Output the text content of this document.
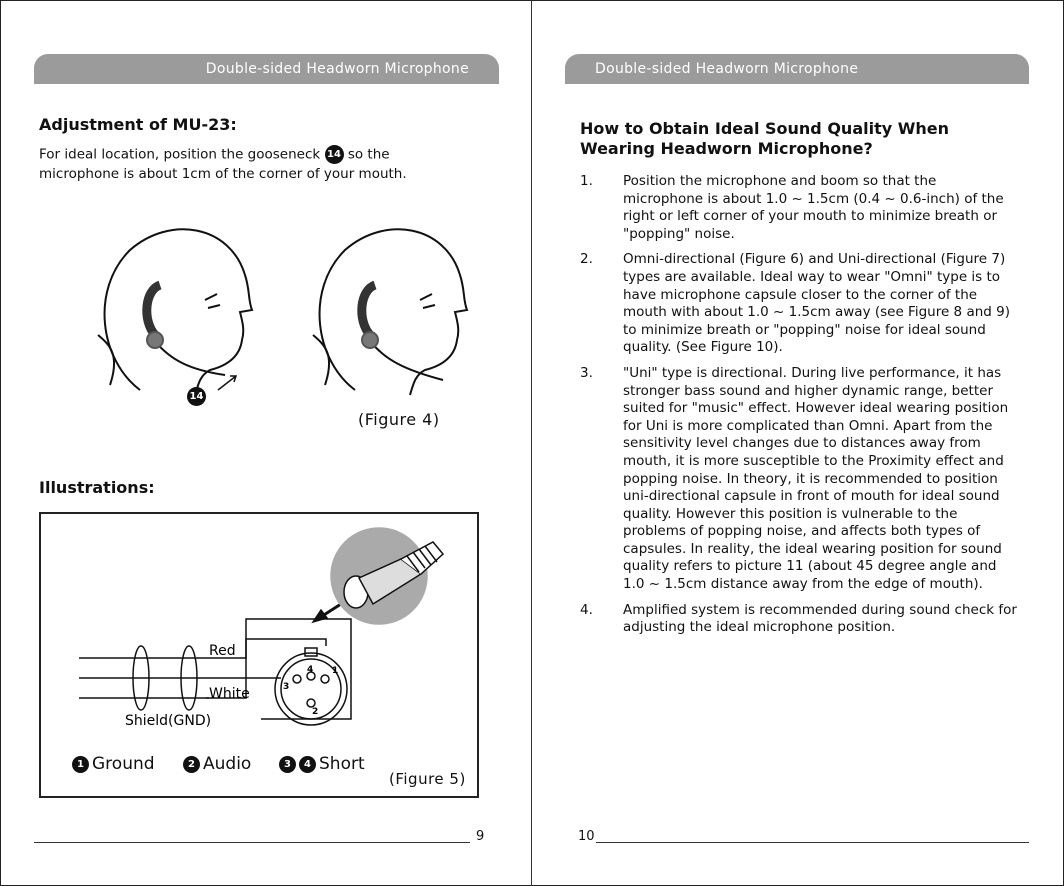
Double-sided Headworn Microphone	Double-sided Headworn Microphone
Adjustment of MU-23:
For ideal location, position the gooseneck 14 so the
microphone is about 1cm of the corner of your mouth.
14
(Figure 4)
Illustrations:
Red
White
Shield(GND)
3
4 1
2
1 Ground	2 Audio	3	4 Short
(Figure 5)
9
How to Obtain Ideal Sound Quality When
Wearing Headworn Microphone?
1.	Position the microphone and boom so that the microphone is about 1.0 ~ 1.5cm (0.4 ~ 0.6-inch) of the right or left corner of your mouth to minimize breath or "popping" noise.
2.	Omni-directional (Figure 6) and Uni-directional (Figure 7) types are available. Ideal way to wear "Omni" type is to have microphone capsule closer to the corner of the mouth with about 1.0 ~ 1.5cm away (see Figure 8 and 9) to minimize breath or "popping" noise for ideal sound quality. (See Figure 10).
3.	"Uni" type is directional. During live performance, it has stronger bass sound and higher dynamic range, better suited for "music" effect. However ideal wearing position for Uni is more complicated than Omni. Apart from the sensitivity level changes due to distances away from mouth, it is more susceptible to the Proximity effect and popping noise. In theory, it is recommended to position uni-directional capsule in front of mouth for ideal sound quality. However this position is vulnerable to the problems of popping noise, and affects both types of capsules. In reality, the ideal wearing position for sound quality refers to picture 11 (about 45 degree angle and 1.0 ~ 1.5cm distance away from the edge of mouth).
4.	Amplified system is recommended during sound check for adjusting the ideal microphone position.
10
